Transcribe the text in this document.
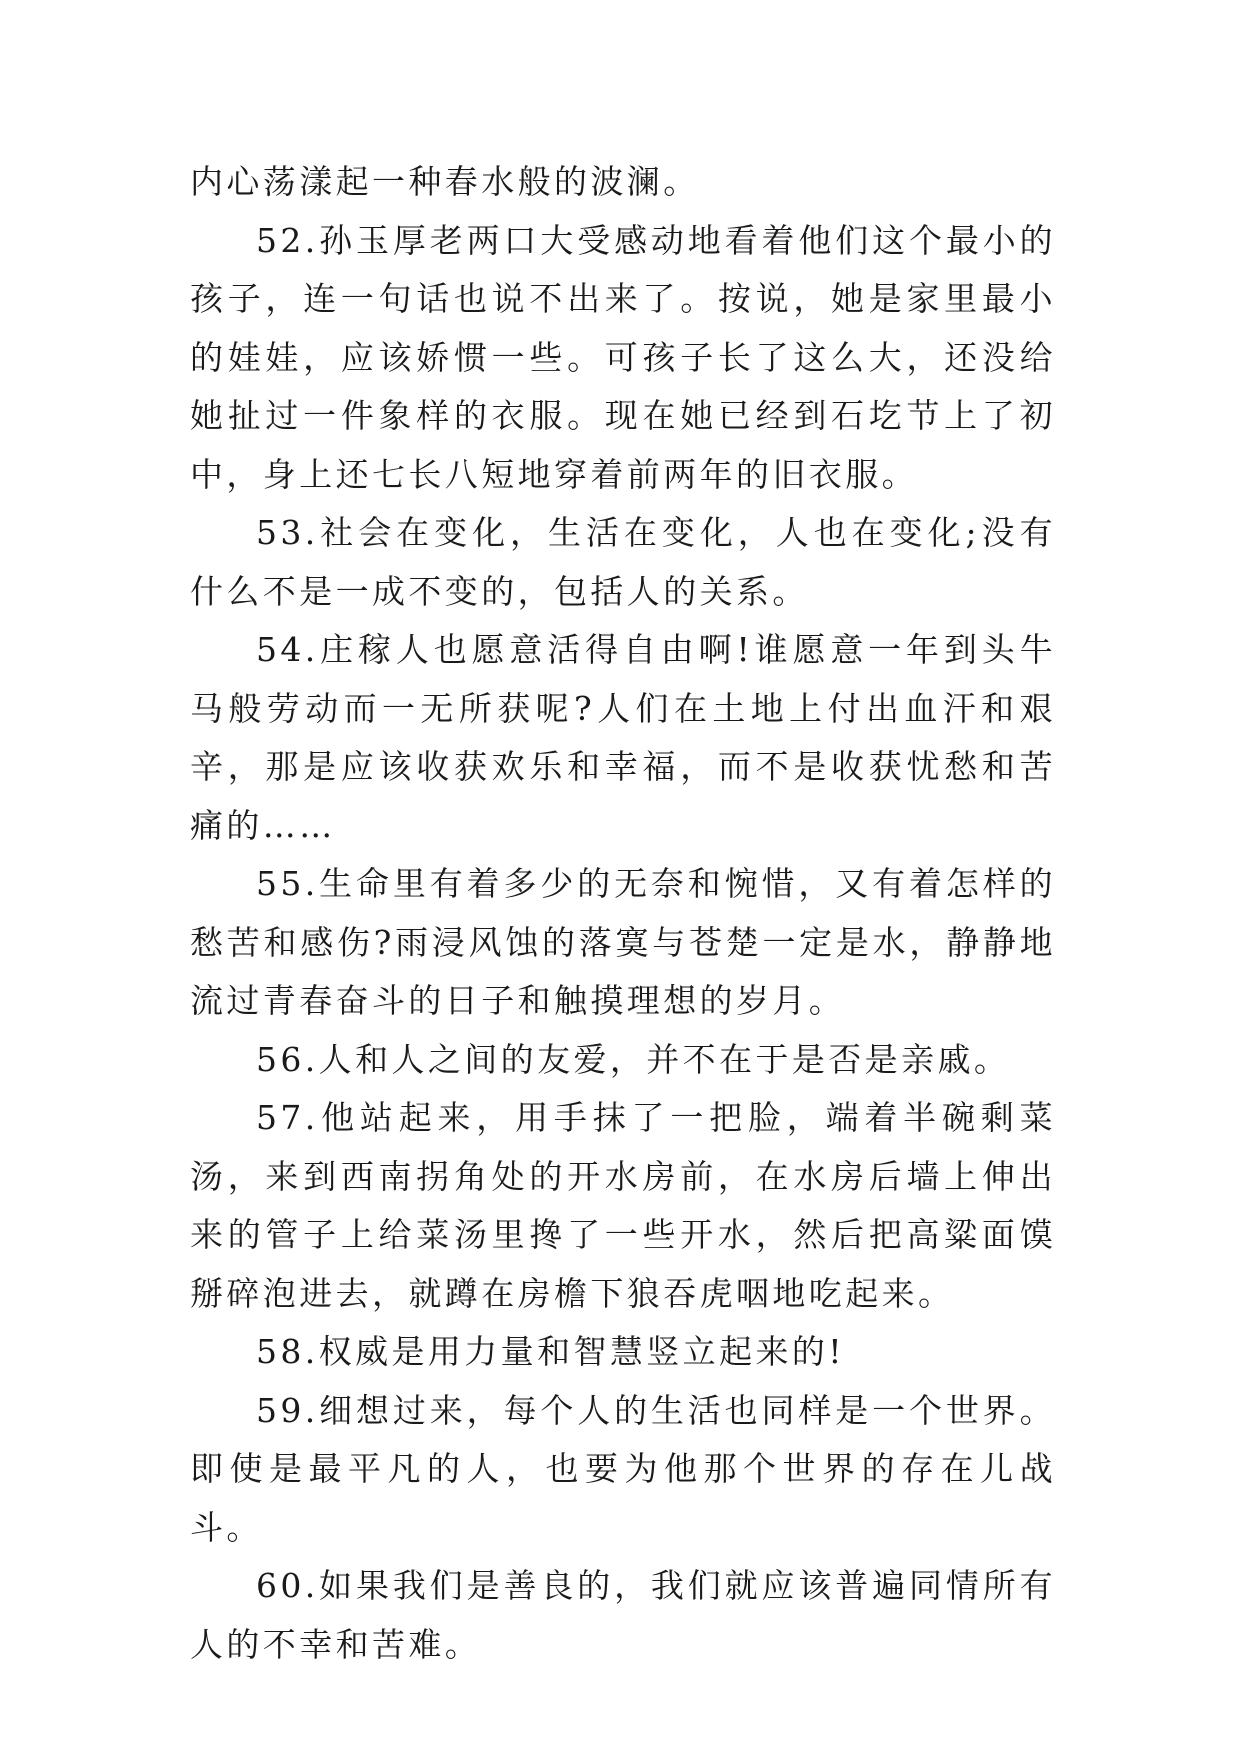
内心荡漾起一种春水般的波澜。

52.孙玉厚老两口大受感动地看着他们这个最小的孩子，连一句话也说不出来了。按说，她是家里最小的娃娃，应该娇惯一些。可孩子长了这么大，还没给她扯过一件象样的衣服。现在她已经到石圪节上了初中，身上还七长八短地穿着前两年的旧衣服。

53.社会在变化，生活在变化，人也在变化;没有什么不是一成不变的，包括人的关系。

54.庄稼人也愿意活得自由啊!谁愿意一年到头牛马般劳动而一无所获呢?人们在土地上付出血汗和艰辛，那是应该收获欢乐和幸福，而不是收获忧愁和苦痛的……

55.生命里有着多少的无奈和惋惜，又有着怎样的愁苦和感伤?雨浸风蚀的落寞与苍楚一定是水，静静地流过青春奋斗的日子和触摸理想的岁月。

56.人和人之间的友爱，并不在于是否是亲戚。

57.他站起来，用手抹了一把脸，端着半碗剩菜汤，来到西南拐角处的开水房前，在水房后墙上伸出来的管子上给菜汤里搀了一些开水，然后把高粱面馍掰碎泡进去，就蹲在房檐下狼吞虎咽地吃起来。

58.权威是用力量和智慧竖立起来的!

59.细想过来，每个人的生活也同样是一个世界。即使是最平凡的人，也要为他那个世界的存在儿战斗。

60.如果我们是善良的，我们就应该普遍同情所有人的不幸和苦难。
